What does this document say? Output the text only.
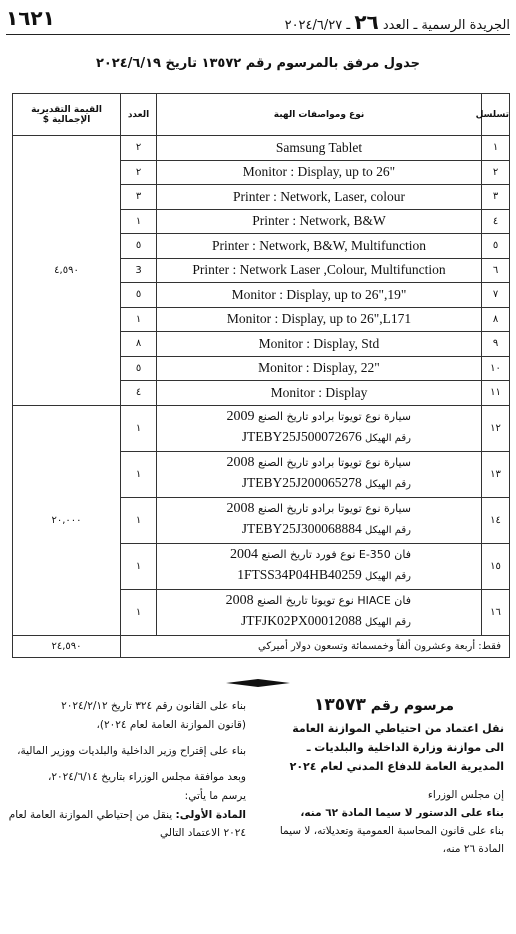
١٦٢١	الجريدة الرسمية ـ العدد ٢٦ ـ ٢٠٢٤/٦/٢٧
جدول مرفق بالمرسوم رقم ١٣٥٧٢ تاريخ ٢٠٢٤/٦/١٩
تسلسل	نوع ومواصفات الهبة	العدد	القيمة التقديرية الإجمالية $
١	Samsung Tablet	٢	٤,٥٩٠
٢	Monitor : Display, up to 26"	٢	
٣	Printer : Network, Laser, colour	٣	
٤	Printer : Network, B&W	١	
٥	Printer : Network, B&W, Multifunction	٥	
٦	Printer : Network Laser ,Colour, Multifunction	3	
٧	Monitor : Display, up to 26",19"	٥	
٨	Monitor : Display, up to 26",L171	١	
٩	Monitor : Display, Std	٨	
١٠	Monitor : Display, 22"	٥	
١١	Monitor : Display	٤	
١٢	سيارة نوع تويوتا برادو تاريخ الصنع 2009
رقم الهيكل JTEBY25J500072676	١	٢٠,٠٠٠
١٣	سيارة نوع تويوتا برادو تاريخ الصنع 2008
رقم الهيكل JTEBY25J200065278	١	
١٤	سيارة نوع تويوتا برادو تاريخ الصنع 2008
رقم الهيكل JTEBY25J300068884	١	
١٥	فان E-350 نوع فورد تاريخ الصنع 2004
رقم الهيكل 1FTSS34P04HB40259	١	
١٦	فان HIACE نوع تويوتا تاريخ الصنع 2008
رقم الهيكل JTFJK02PX00012088	١	
فقط: أربعة وعشرون ألفاً وخمسمائة وتسعون دولار أميركي			٢٤,٥٩٠
مرسوم رقم ١٣٥٧٣
نقل اعتماد من احتياطي الموازنة العامة
الى موازنة وزارة الداخلية والبلديات ـ
المديرية العامة للدفاع المدني لعام ٢٠٢٤

إن مجلس الوزراء

بناء على الدستور لا سيما المادة ٦٢ منه،

بناء على قانون المحاسبة العمومية وتعديلاته، لا سيما المادة ٢٦ منه،

بناء على القانون رقم ٣٢٤ تاريخ ٢٠٢٤/٢/١٢

(قانون الموازنة العامة لعام ٢٠٢٤)،

بناء على إقتراح وزير الداخلية والبلديات ووزير المالية،

وبعد موافقة مجلس الوزراء بتاريخ ٢٠٢٤/٦/١٤،

يرسم ما يأتي:

المادة الأولى: ينقل من إحتياطي الموازنة العامة لعام ٢٠٢٤ الاعتماد التالي
